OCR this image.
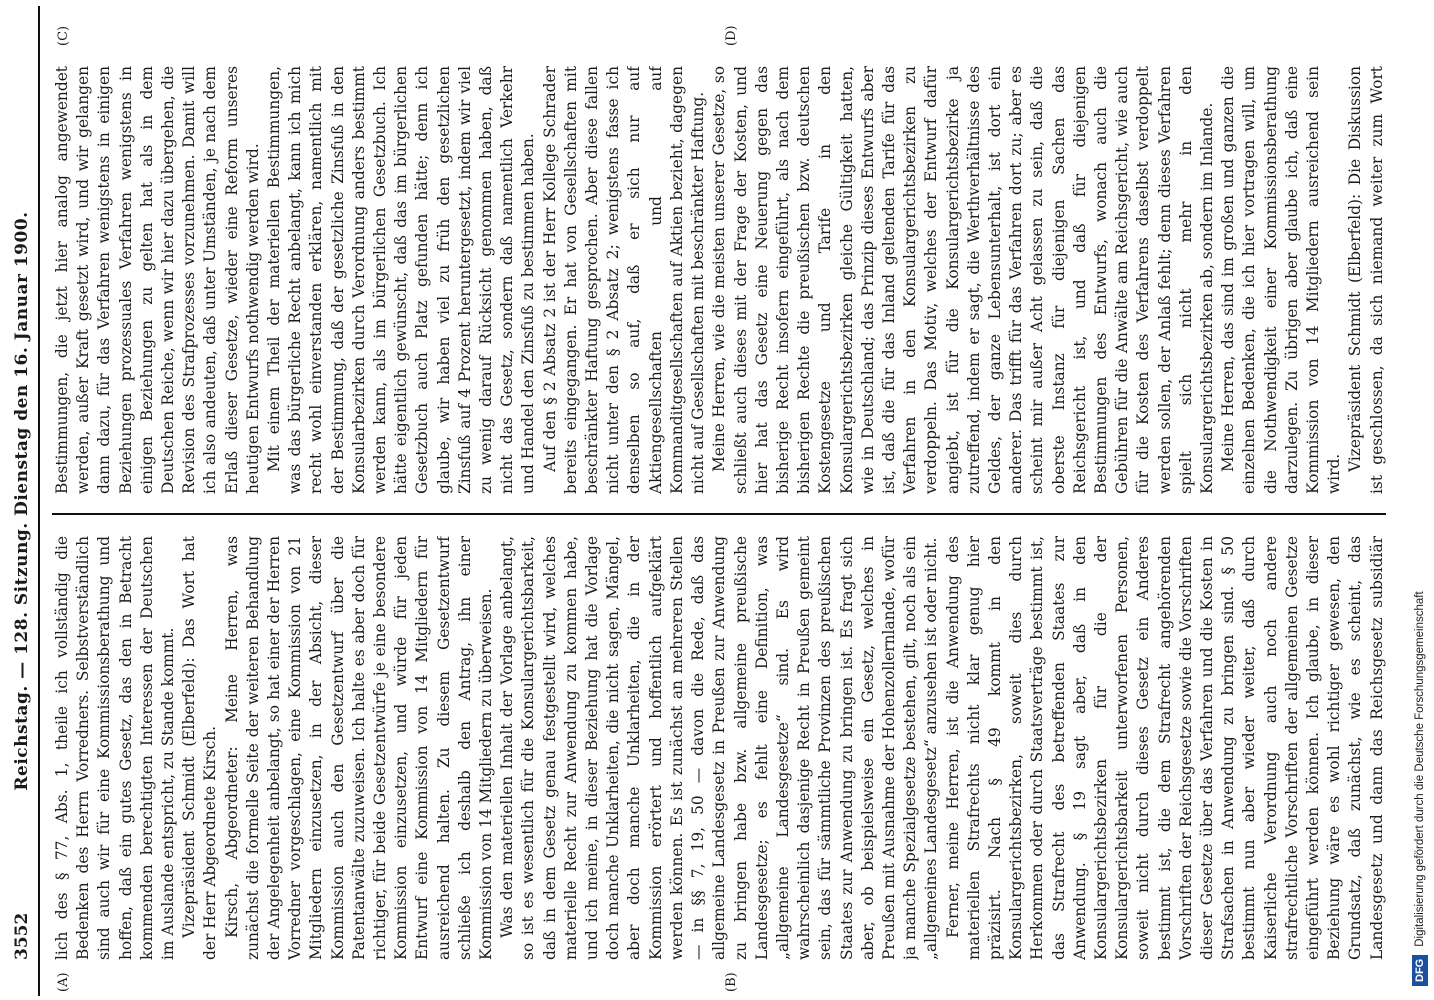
3552
Reichstag. — 128. Sitzung. Dienstag den 16. Januar 1900.
(A)	(B)
(C)	(D)

lich des § 77, Abs. 1, theile ich vollständig die Bedenken des Herrn Vorredners. Selbstverständlich sind auch wir für eine Kommissionsberathung und hoffen, daß ein gutes Gesetz, das den in Betracht kommenden berechtigten Interessen der Deutschen im Auslande entspricht, zu Stande kommt. Vizepräsident Schmidt (Elberfeld): Das Wort hat der Herr Abgeordnete Kirsch. Kirsch, Abgeordneter: Meine Herren, was zunächst die formelle Seite der weiteren Behandlung der Angelegenheit anbelangt, so hat einer der Herren Vorredner vorgeschlagen, eine Kommission von 21 Mitgliedern einzusetzen, in der Absicht, dieser Kommission auch den Gesetzentwurf über die Patentanwälte zuzuweisen. Ich halte es aber doch für richtiger, für beide Gesetzentwürfe je eine besondere Kommission einzusetzen, und würde für jeden Entwurf eine Kommission von 14 Mitgliedern für ausreichend halten. Zu diesem Gesetzentwurf schließe ich deshalb den Antrag, ihn einer Kommission von 14 Mitgliedern zu überweisen. Was den materiellen Inhalt der Vorlage anbelangt, so ist es wesentlich für die Konsulargerichtsbarkeit, daß in dem Gesetz genau festgestellt wird, welches materielle Recht zur Anwendung zu kommen habe, und ich meine, in dieser Beziehung hat die Vorlage doch manche Unklarheiten, die nicht sagen, Mängel, aber doch manche Unklarheiten, die in der Kommission erörtert und hoffentlich aufgeklärt werden können. Es ist zunächst an mehreren Stellen — in §§ 7, 19, 50 — davon die Rede, daß das allgemeine Landesgesetz in Preußen zur Anwendung zu bringen habe bzw. allgemeine preußische Landesgesetze; es fehlt eine Definition, was „allgemeine Landesgesetze“ sind. Es wird wahrscheinlich dasjenige Recht in Preußen gemeint sein, das für sämmtliche Provinzen des preußischen Staates zur Anwendung zu bringen ist. Es fragt sich aber, ob beispielsweise ein Gesetz, welches in Preußen mit Ausnahme der Hohenzollernlande, wofür ja manche Spezialgesetze bestehen, gilt, noch als ein „allgemeines Landesgesetz“ anzusehen ist oder nicht. Ferner, meine Herren, ist die Anwendung des materiellen Strafrechts nicht klar genug hier präzisirt. Nach § 49 kommt in den Konsulargerichtsbezirken, soweit dies durch Herkommen oder durch Staatsverträge bestimmt ist, das Strafrecht des betreffenden Staates zur Anwendung. § 19 sagt aber, daß in den Konsulargerichtsbezirken für die der Konsulargerichtsbarkeit unterworfenen Personen, soweit nicht durch dieses Gesetz ein Anderes bestimmt ist, die dem Strafrecht angehörenden Vorschriften der Reichsgesetze sowie die Vorschriften dieser Gesetze über das Verfahren und die Kosten in Strafsachen in Anwendung zu bringen sind. § 50 bestimmt nun aber wieder weiter, daß durch Kaiserliche Verordnung auch noch andere strafrechtliche Vorschriften der allgemeinen Gesetze eingeführt werden können. Ich glaube, in dieser Beziehung wäre es wohl richtiger gewesen, den Grundsatz, daß zunächst, wie es scheint, das Landesgesetz und dann das Reichsgesetz subsidiär

Bestimmungen, die jetzt hier analog angewendet werden, außer Kraft gesetzt wird, und wir gelangen dann dazu, für das Verfahren wenigstens in einigen Beziehungen prozessuales Verfahren wenigstens in einigen Beziehungen zu gelten hat als in dem Deutschen Reiche, wenn wir hier dazu übergehen, die Revision des Strafprozesses vorzunehmen. Damit will ich also andeuten, daß unter Umständen, je nach dem Erlaß dieser Gesetze, wieder eine Reform unseres heutigen Entwurfs nothwendig werden wird. Mit einem Theil der materiellen Bestimmungen, was das bürgerliche Recht anbelangt, kann ich mich recht wohl einverstanden erklären, namentlich mit der Bestimmung, daß der gesetzliche Zinsfuß in den Konsularbezirken durch Verordnung anders bestimmt werden kann, als im bürgerlichen Gesetzbuch. Ich hätte eigentlich gewünscht, daß das im bürgerlichen Gesetzbuch auch Platz gefunden hätte; denn ich glaube, wir haben viel zu früh den gesetzlichen Zinsfuß auf 4 Prozent heruntergesetzt, indem wir viel zu wenig darauf Rücksicht genommen haben, daß nicht das Gesetz, sondern daß namentlich Verkehr und Handel den Zinsfuß zu bestimmen haben. Auf den § 2 Absatz 2 ist der Herr Kollege Schrader bereits eingegangen. Er hat von Gesellschaften mit beschränkter Haftung gesprochen. Aber diese fallen nicht unter den § 2 Absatz 2; wenigstens fasse ich denselben so auf, daß er sich nur auf Aktiengesellschaften und auf Kommanditgesellschaften auf Aktien bezieht, dagegen nicht auf Gesellschaften mit beschränkter Haftung. Meine Herren, wie die meisten unserer Gesetze, so schließt auch dieses mit der Frage der Kosten, und hier hat das Gesetz eine Neuerung gegen das bisherige Recht insofern eingeführt, als nach dem bisherigen Rechte die preußischen bzw. deutschen Kostengesetze und Tarife in den Konsulargerichtsbezirken gleiche Gültigkeit hatten, wie in Deutschland; das Prinzip dieses Entwurfs aber ist, daß die für das Inland geltenden Tarife für das Verfahren in den Konsulargerichtsbezirken zu verdoppeln. Das Motiv, welches der Entwurf dafür angiebt, ist für die Konsulargerichtsbezirke ja zutreffend, indem er sagt, die Werthverhältnisse des Geldes, der ganze Lebensunterhalt, ist dort ein anderer. Das trifft für das Verfahren dort zu; aber es scheint mir außer Acht gelassen zu sein, daß die oberste Instanz für diejenigen Sachen das Reichsgericht ist, und daß für diejenigen Bestimmungen des Entwurfs, wonach auch die Gebühren für die Anwälte am Reichsgericht, wie auch für die Kosten des Verfahrens daselbst verdoppelt werden sollen, der Anlaß fehlt; denn dieses Verfahren spielt sich nicht mehr in den Konsulargerichtsbezirken ab, sondern im Inlande. Meine Herren, das sind im großen und ganzen die einzelnen Bedenken, die ich hier vortragen will, um die Nothwendigkeit einer Kommissionsberathung darzulegen. Zu übrigen aber glaube ich, daß eine Kommission von 14 Mitgliedern ausreichend sein wird.

Vizepräsident Schmidt (Elberfeld): Die Diskussion ist geschlossen, da sich niemand weiter zum Wort

DFGDigitalisierung gefördert durch die Deutsche Forschungsgemeinschaft
